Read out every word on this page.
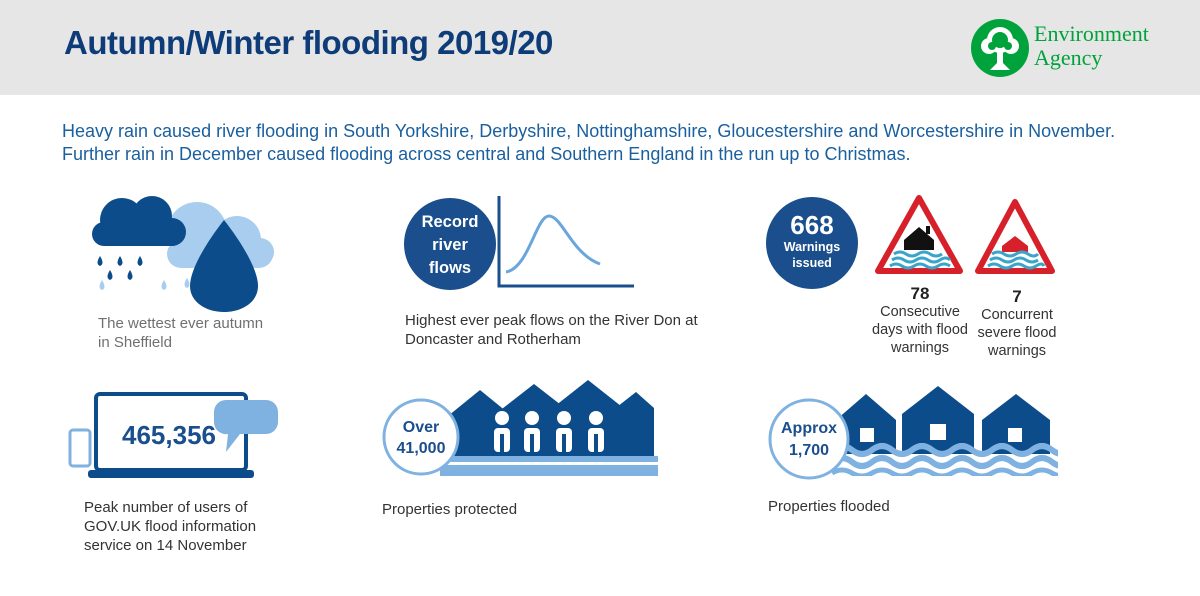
Autumn/Winter flooding 2019/20	Environment
Agency

Heavy rain caused river flooding in South Yorkshire, Derbyshire, Nottinghamshire, Gloucestershire and Worcestershire in November.

Further rain in December caused flooding across central and Southern England in the run up to Christmas.

The wettest ever autumn
in Sheffield
Record
river
flows
Highest ever peak flows on the River Don at
Doncaster and Rotherham
668
Warnings
issued
78
Consecutive
days with flood
warnings
7
Concurrent
severe flood
warnings
465,356
Peak number of users of
GOV.UK flood information
service on 14 November
Over
41,000
Properties protected
Approx
1,700
Properties flooded
